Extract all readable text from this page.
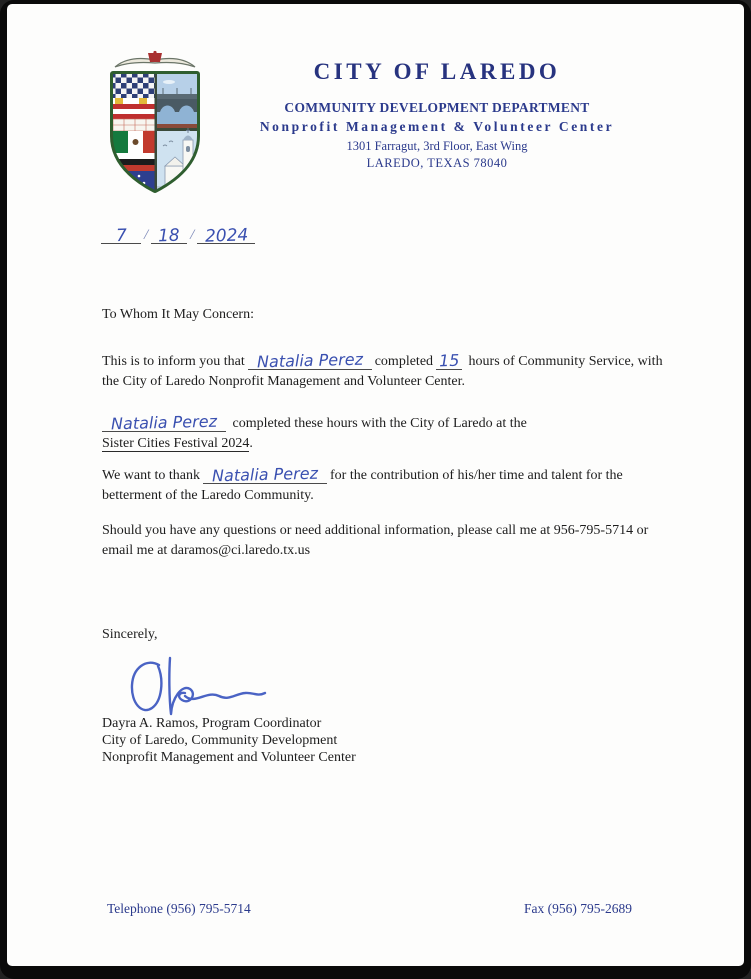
CITY OF LAREDO
COMMUNITY DEVELOPMENT DEPARTMENT
Nonprofit Management & Volunteer Center
1301 Farragut, 3rd Floor, East Wing
LAREDO, TEXAS 78040
7 / 18 / 2024

To Whom It May Concern:

This is to inform you that Natalia Perez completed 15 hours of Community Service, with the City of Laredo Nonprofit Management and Volunteer Center.

Natalia Perez completed these hours with the City of Laredo at the
Sister Cities Festival 2024.

We want to thank Natalia Perez for the contribution of his/her time and talent for the betterment of the Laredo Community.

Should you have any questions or need additional information, please call me at 956-795-5714 or email me at daramos@ci.laredo.tx.us

Sincerely,
Dayra A. Ramos, Program Coordinator
City of Laredo, Community Development
Nonprofit Management and Volunteer Center
Telephone (956) 795-5714	Fax (956) 795-2689
